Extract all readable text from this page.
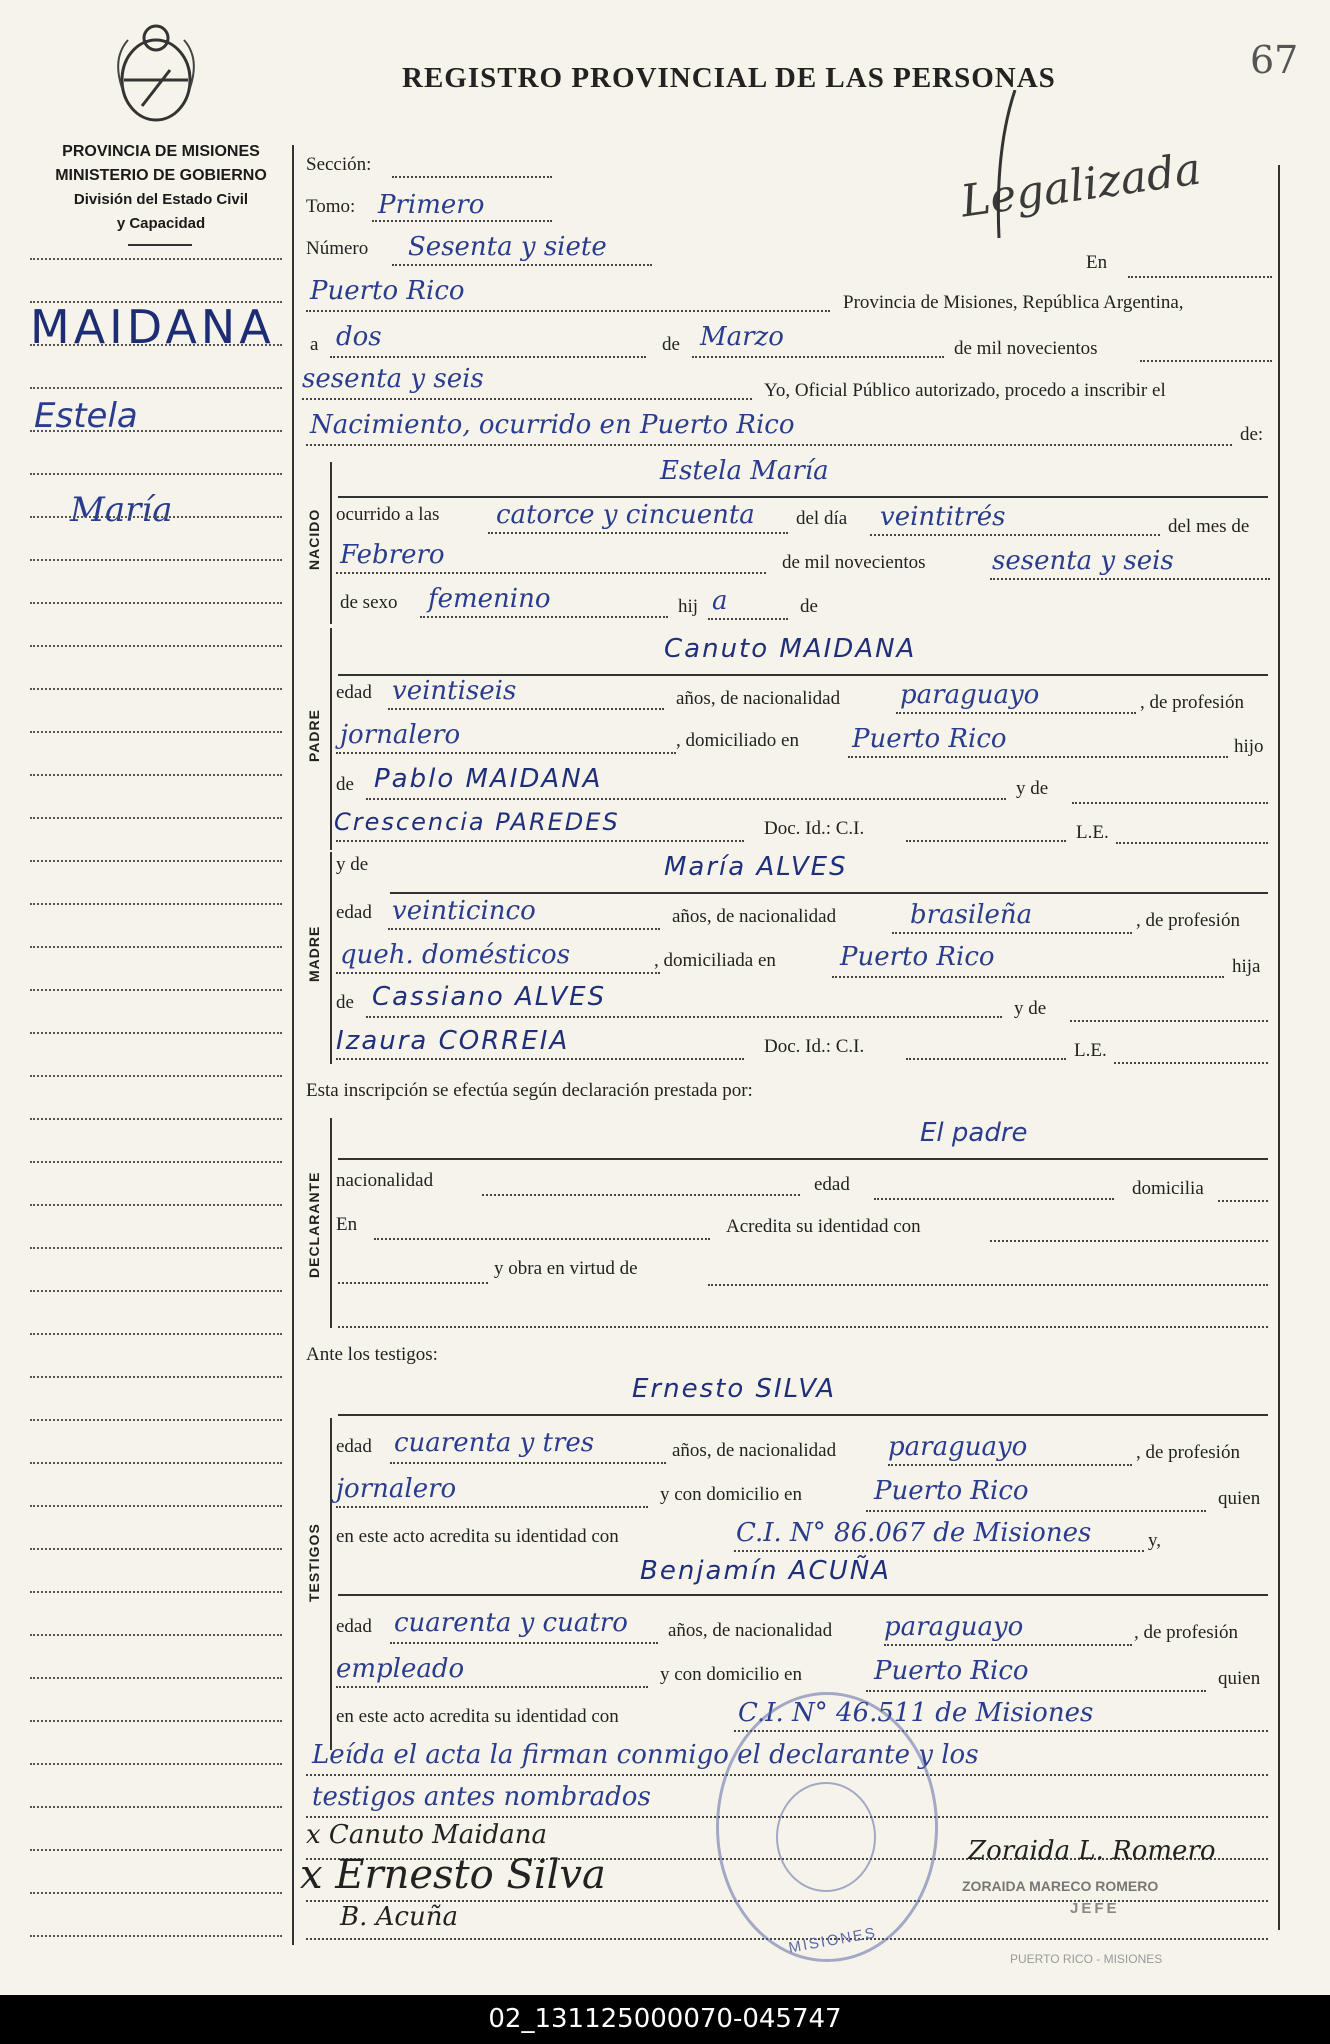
REGISTRO PROVINCIAL DE LAS PERSONAS	67
PROVINCIA DE MISIONES
MINISTERIO DE GOBIERNO
División del Estado Civil
y Capacidad	Legalizada
MAIDANA
Estela
María
Sección:
Tomo: Primero
Número Sesenta y siete
En
Puerto Rico	Provincia de Misiones, República Argentina,
a dos	de Marzo	de mil novecientos
sesenta y seis	Yo, Oficial Público autorizado, procedo a inscribir el
Nacimiento, ocurrido en Puerto Rico	de:
NACIDO
Estela María
ocurrido a las catorce y cincuenta del día veintitrés	del mes de
Febrero	de mil novecientos	sesenta y seis
de sexo femenino	hij a	de
PADRE
Canuto MAIDANA
edad veintiseis	años, de nacionalidad paraguayo	, de profesión
jornalero	, domiciliado en Puerto Rico	hijo
de Pablo MAIDANA	y de
Crescencia PAREDES	Doc. Id.: C.I.	L.E.
MADRE
y de	María ALVES
edad veinticinco	años, de nacionalidad	brasileña	, de profesión
queh. domésticos	, domiciliada en Puerto Rico	hija
de Cassiano ALVES	y de
Izaura CORREIA	Doc. Id.: C.I.	L.E.
Esta inscripción se efectúa según declaración prestada por:
DECLARANTE
El padre
nacionalidad	edad	domicilia
En	Acredita su identidad con
y obra en virtud de
Ante los testigos:
TESTIGOS
Ernesto SILVA
edad cuarenta y tres	años, de nacionalidad paraguayo	, de profesión
jornalero	y con domicilio en	Puerto Rico	quien
en este acto acredita su identidad con	C.I. N° 86.067 de Misiones	y,
Benjamín ACUÑA
edad cuarenta y cuatro años, de nacionalidad paraguayo	, de profesión
empleado	y con domicilio en	Puerto Rico	quien
en este acto acredita su identidad con	C.I. N° 46.511 de Misiones
Leída el acta la firman conmigo el declarante y los
testigos antes nombrados
x Canuto Maidana
x Ernesto Silva
B. Acuña
MISIONES
Zoraida L. Romero
ZORAIDA MARECO ROMERO
JEFE
PUERTO RICO - MISIONES
02_131125000070-045747
